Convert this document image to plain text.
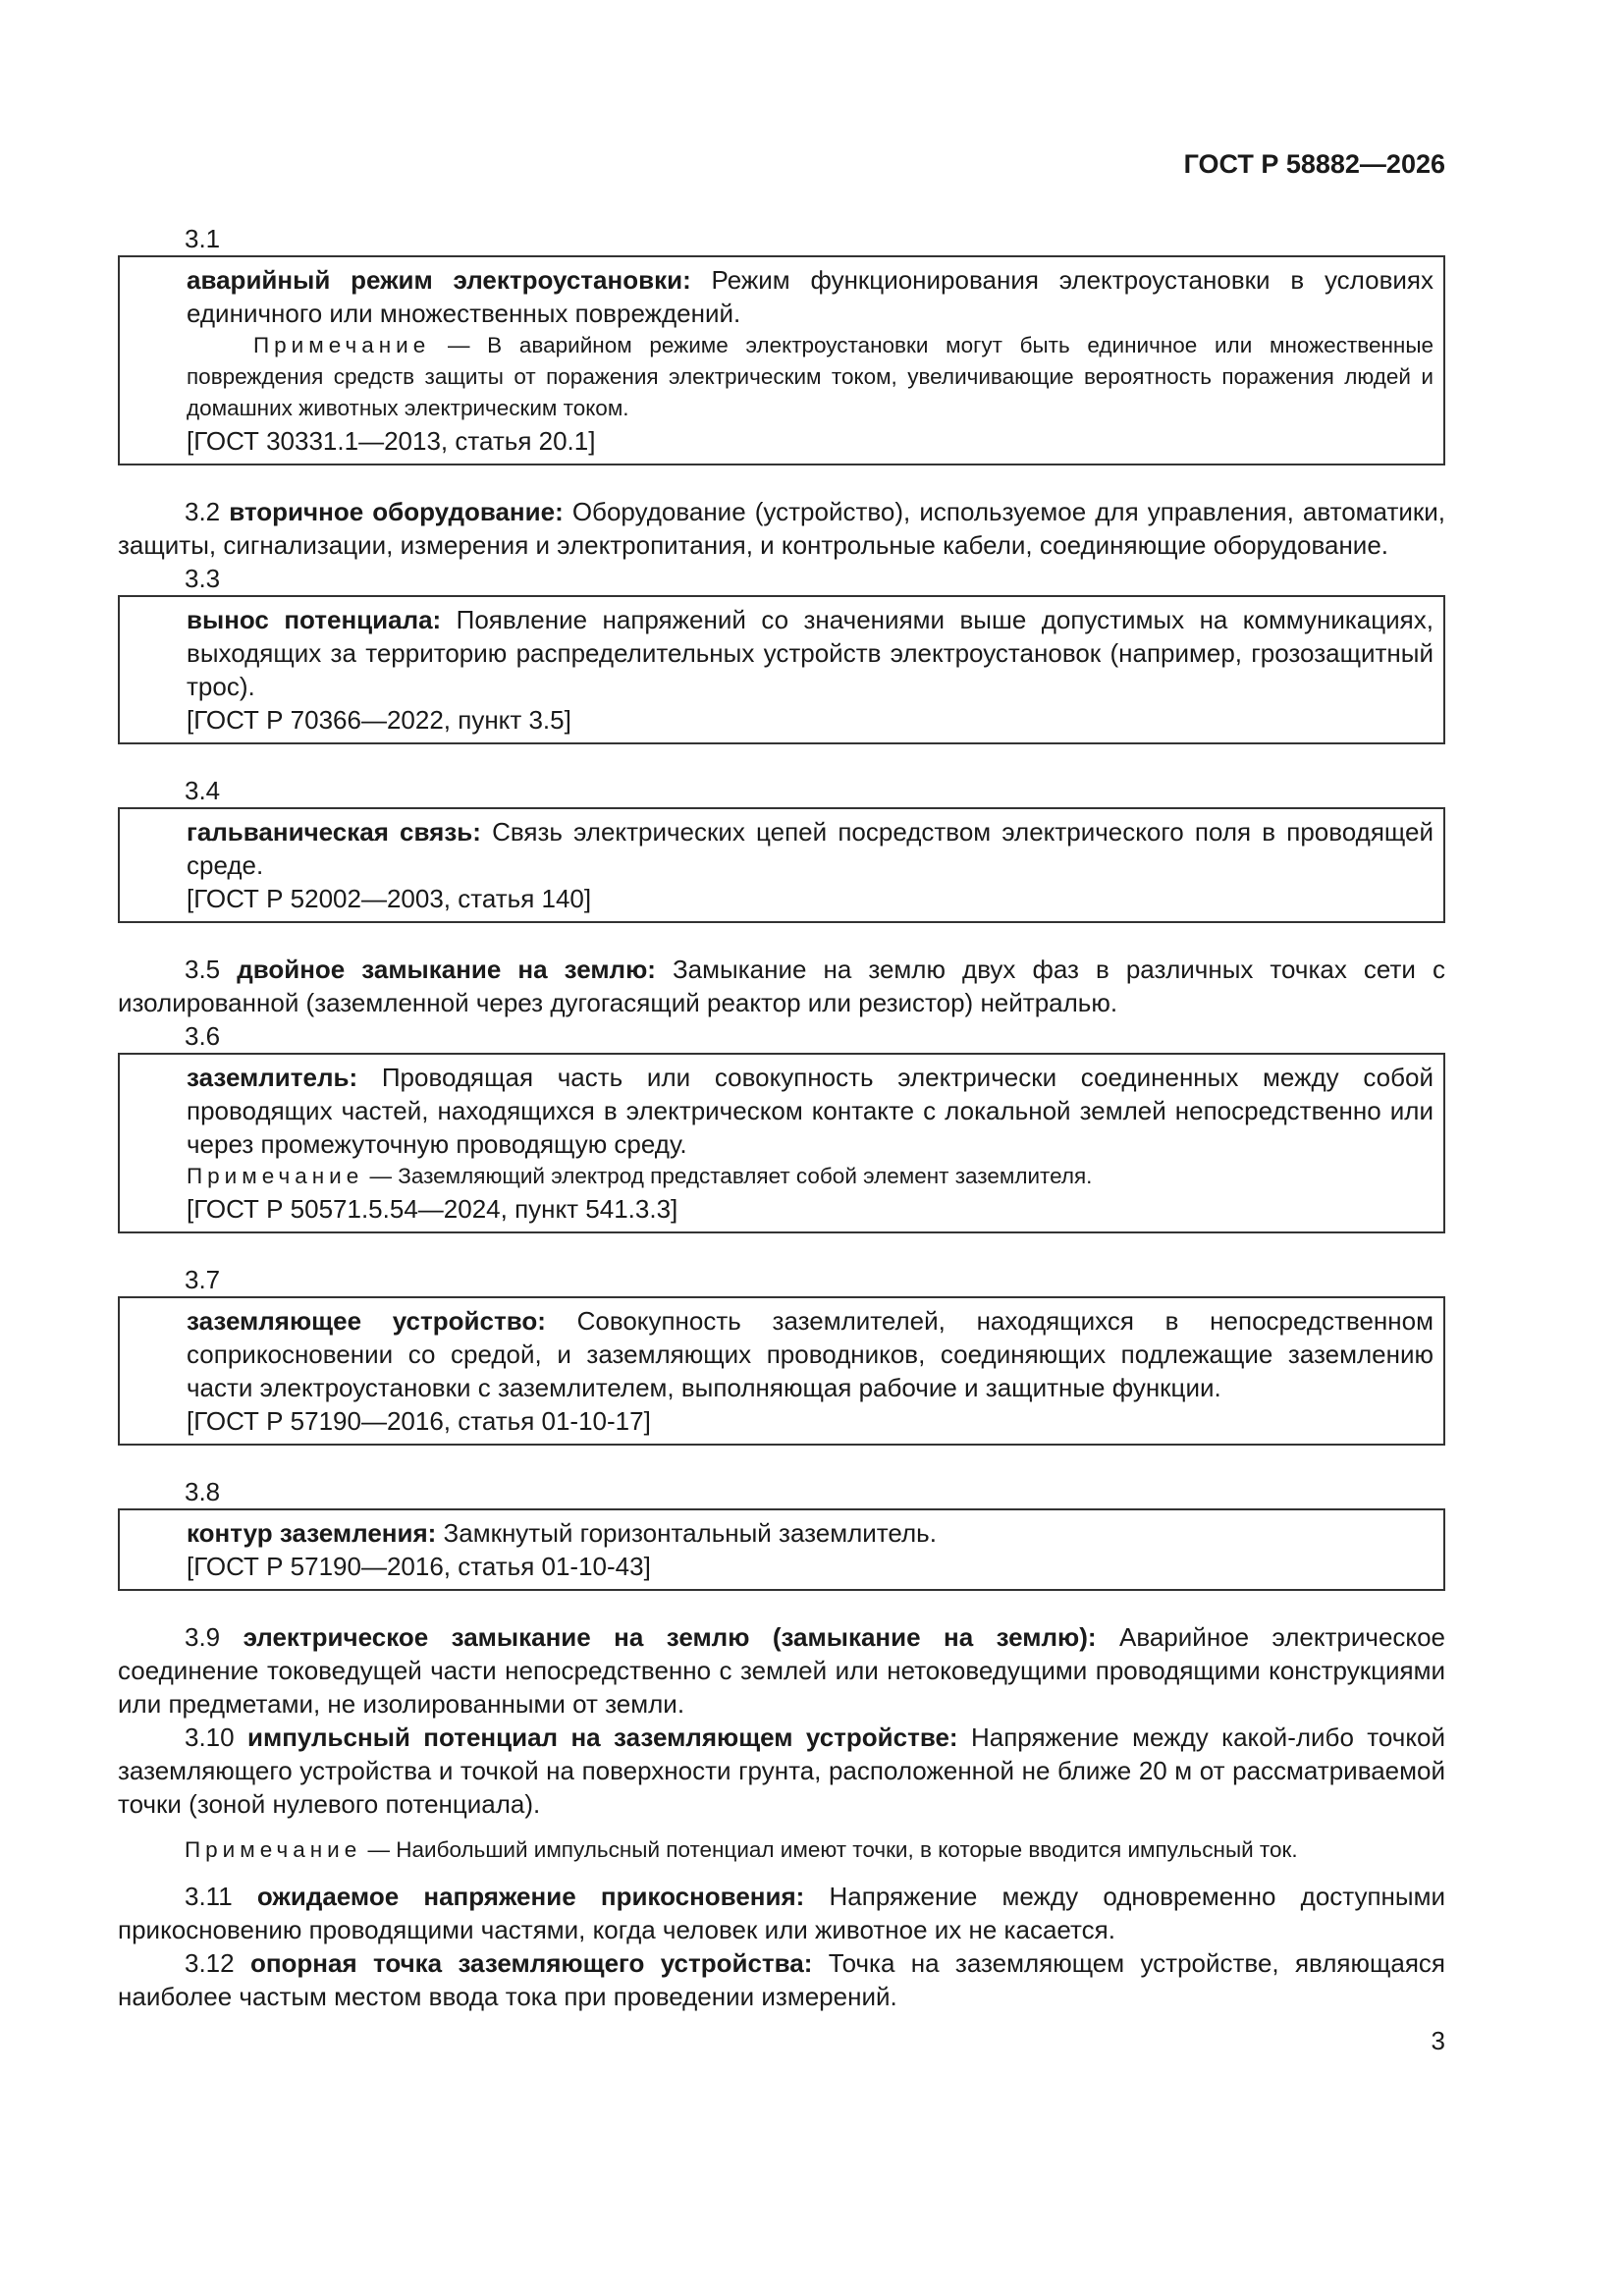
ГОСТ Р 58882—2026
3.1

аварийный режим электроустановки: Режим функционирования электроустановки в условиях единичного или множественных повреждений.

Примечание — В аварийном режиме электроустановки могут быть единичное или множественные повреждения средств защиты от поражения электрическим током, увеличивающие вероятность поражения людей и домашних животных электрическим током.

[ГОСТ 30331.1—2013, статья 20.1]

3.2 вторичное оборудование: Оборудование (устройство), используемое для управления, автоматики, защиты, сигнализации, измерения и электропитания, и контрольные кабели, соединяющие оборудование.

3.3

вынос потенциала: Появление напряжений со значениями выше допустимых на коммуникациях, выходящих за территорию распределительных устройств электроустановок (например, грозозащитный трос).

[ГОСТ Р 70366—2022, пункт 3.5]

3.4

гальваническая связь: Связь электрических цепей посредством электрического поля в проводящей среде.

[ГОСТ Р 52002—2003, статья 140]

3.5 двойное замыкание на землю: Замыкание на землю двух фаз в различных точках сети с изолированной (заземленной через дугогасящий реактор или резистор) нейтралью.

3.6

заземлитель: Проводящая часть или совокупность электрически соединенных между собой проводящих частей, находящихся в электрическом контакте с локальной землей непосредственно или через промежуточную проводящую среду.

Примечание — Заземляющий электрод представляет собой элемент заземлителя.

[ГОСТ Р 50571.5.54—2024, пункт 541.3.3]

3.7

заземляющее устройство: Совокупность заземлителей, находящихся в непосредственном соприкосновении со средой, и заземляющих проводников, соединяющих подлежащие заземлению части электроустановки с заземлителем, выполняющая рабочие и защитные функции.

[ГОСТ Р 57190—2016, статья 01-10-17]

3.8

контур заземления: Замкнутый горизонтальный заземлитель.

[ГОСТ Р 57190—2016, статья 01-10-43]

3.9 электрическое замыкание на землю (замыкание на землю): Аварийное электрическое соединение токоведущей части непосредственно с землей или нетоковедущими проводящими конструкциями или предметами, не изолированными от земли.

3.10 импульсный потенциал на заземляющем устройстве: Напряжение между какой-либо точкой заземляющего устройства и точкой на поверхности грунта, расположенной не ближе 20 м от рассматриваемой точки (зоной нулевого потенциала).

Примечание — Наибольший импульсный потенциал имеют точки, в которые вводится импульсный ток.

3.11 ожидаемое напряжение прикосновения: Напряжение между одновременно доступными прикосновению проводящими частями, когда человек или животное их не касается.

3.12 опорная точка заземляющего устройства: Точка на заземляющем устройстве, являющаяся наиболее частым местом ввода тока при проведении измерений.

3
